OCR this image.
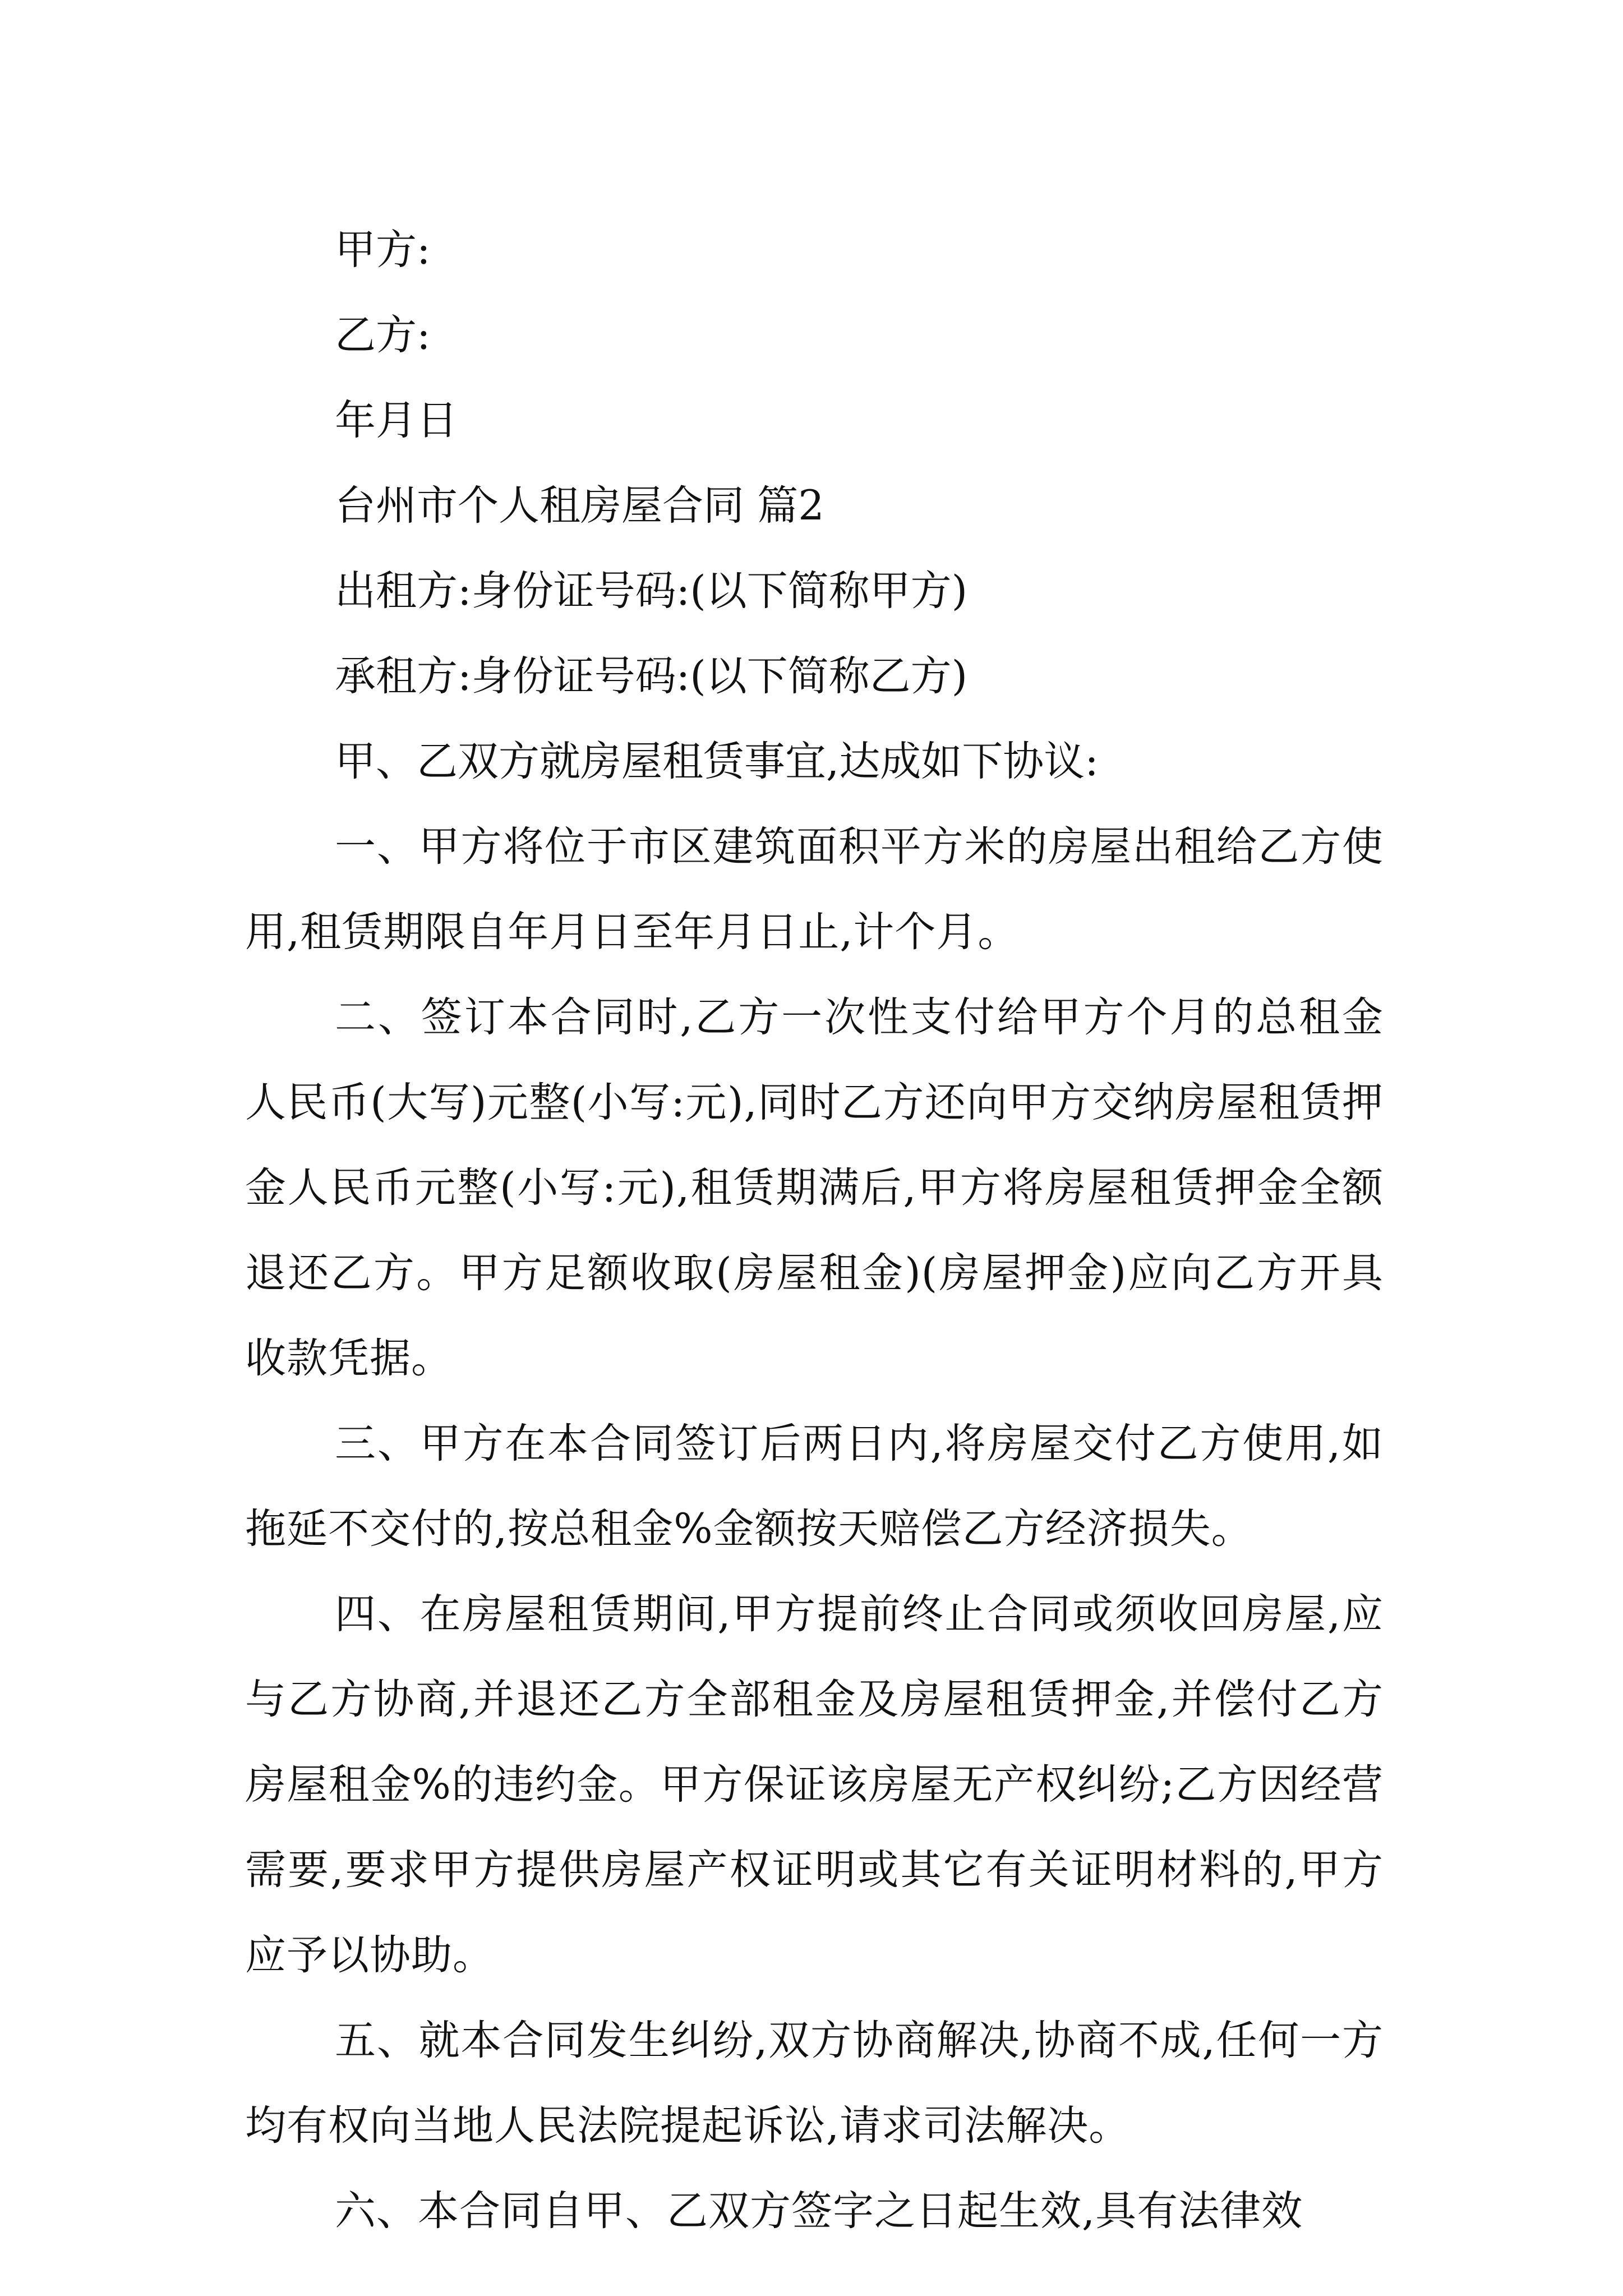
甲方:
乙方:
年月日
台州市个人租房屋合同 篇2
出租方:身份证号码:(以下简称甲方)
承租方:身份证号码:(以下简称乙方)
甲、乙双方就房屋租赁事宜,达成如下协议:

一、甲方将位于市区建筑面积平方米的房屋出租给乙方使用,租赁期限自年月日至年月日止,计个月。

二、签订本合同时,乙方一次性支付给甲方个月的总租金人民币(大写)元整(小写:元),同时乙方还向甲方交纳房屋租赁押金人民币元整(小写:元),租赁期满后,甲方将房屋租赁押金全额退还乙方。甲方足额收取(房屋租金)(房屋押金)应向乙方开具收款凭据。

三、甲方在本合同签订后两日内,将房屋交付乙方使用,如拖延不交付的,按总租金%金额按天赔偿乙方经济损失。

四、在房屋租赁期间,甲方提前终止合同或须收回房屋,应与乙方协商,并退还乙方全部租金及房屋租赁押金,并偿付乙方房屋租金%的违约金。甲方保证该房屋无产权纠纷;乙方因经营需要,要求甲方提供房屋产权证明或其它有关证明材料的,甲方应予以协助。

五、就本合同发生纠纷,双方协商解决,协商不成,任何一方均有权向当地人民法院提起诉讼,请求司法解决。

六、本合同自甲、乙双方签字之日起生效,具有法律效
